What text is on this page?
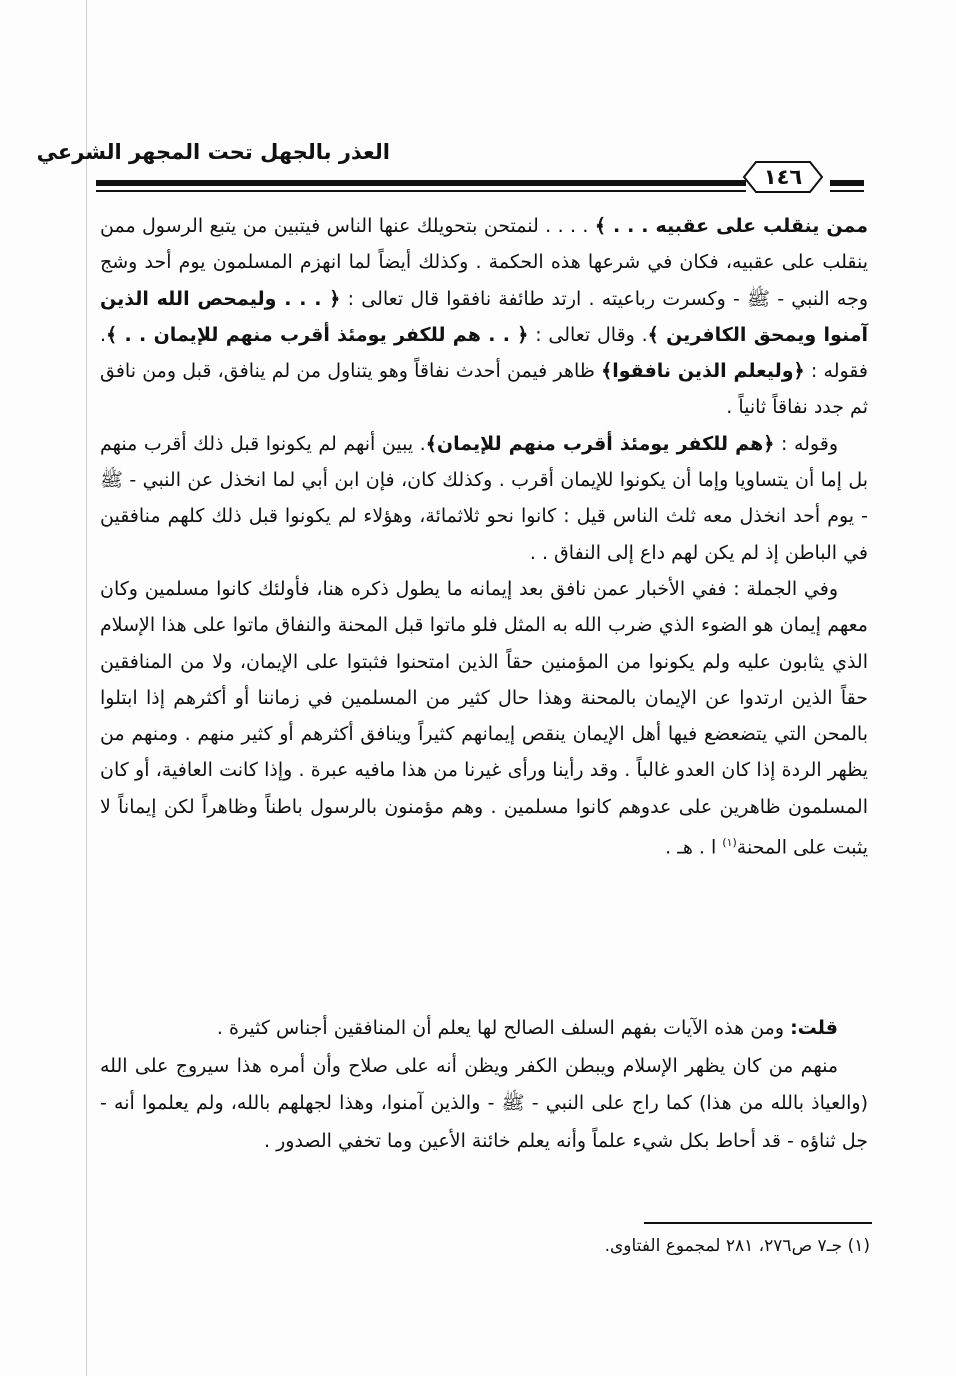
العذر بالجهل تحت المجهر الشرعي
١٤٦

ممن ينقلب على عقبيه . . . ﴾ . . . . لنمتحن بتحويلك عنها الناس فيتبين من يتبع الرسول ممن ينقلب على عقبيه، فكان في شرعها هذه الحكمة . وكذلك أيضاً لما انهزم المسلمون يوم أحد وشج وجه النبي - ﷺ - وكسرت رباعيته . ارتد طائفة نافقوا قال تعالى : ﴿ . . . وليمحص الله الذين آمنوا ويمحق الكافرين ﴾. وقال تعالى : ﴿ . . هم للكفر يومئذ أقرب منهم للإيمان . . ﴾. فقوله : ﴿وليعلم الذين نافقوا﴾ ظاهر فيمن أحدث نفاقاً وهو يتناول من لم ينافق، قبل ومن نافق ثم جدد نفاقاً ثانياً .

وقوله : ﴿هم للكفر يومئذ أقرب منهم للإيمان﴾. يبين أنهم لم يكونوا قبل ذلك أقرب منهم بل إما أن يتساويا وإما أن يكونوا للإيمان أقرب . وكذلك كان، فإن ابن أبي لما انخذل عن النبي - ﷺ - يوم أحد انخذل معه ثلث الناس قيل : كانوا نحو ثلاثمائة، وهؤلاء لم يكونوا قبل ذلك كلهم منافقين في الباطن إذ لم يكن لهم داع إلى النفاق . .

وفي الجملة : ففي الأخبار عمن نافق بعد إيمانه ما يطول ذكره هنا، فأولئك كانوا مسلمين وكان معهم إيمان هو الضوء الذي ضرب الله به المثل فلو ماتوا قبل المحنة والنفاق ماتوا على هذا الإسلام الذي يثابون عليه ولم يكونوا من المؤمنين حقاً الذين امتحنوا فثبتوا على الإيمان، ولا من المنافقين حقاً الذين ارتدوا عن الإيمان بالمحنة وهذا حال كثير من المسلمين في زماننا أو أكثرهم إذا ابتلوا بالمحن التي يتضعضع فيها أهل الإيمان ينقص إيمانهم كثيراً وينافق أكثرهم أو كثير منهم . ومنهم من يظهر الردة إذا كان العدو غالباً . وقد رأينا ورأى غيرنا من هذا مافيه عبرة . وإذا كانت العافية، أو كان المسلمون ظاهرين على عدوهم كانوا مسلمين . وهم مؤمنون بالرسول باطناً وظاهراً لكن إيماناً لا يثبت على المحنة$^{(١)}$ ا . هـ .

قلت: ومن هذه الآيات بفهم السلف الصالح لها يعلم أن المنافقين أجناس كثيرة .

منهم من كان يظهر الإسلام ويبطن الكفر ويظن أنه على صلاح وأن أمره هذا سيروج على الله (والعياذ بالله من هذا) كما راج على النبي - ﷺ - والذين آمنوا، وهذا لجهلهم بالله، ولم يعلموا أنه - جل ثناؤه - قد أحاط بكل شيء علماً وأنه يعلم خائنة الأعين وما تخفي الصدور .

(١) جـ٧ ص٢٧٦، ٢٨١ لمجموع الفتاوى.
